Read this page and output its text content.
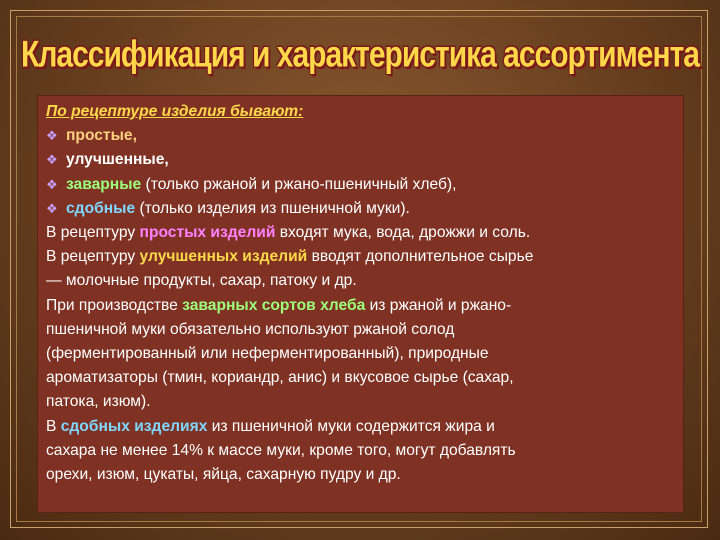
Классификация и характеристика ассортимента
По рецептуре изделия бывают:
❖ простые,
❖ улучшенные,
❖ заварные (только ржаной и ржано-пшеничный хлеб),
❖ сдобные (только изделия из пшеничной муки).
В рецептуру простых изделий входят мука, вода, дрожжи и соль.
В рецептуру улучшенных изделий вводят дополнительное сырье
— молочные продукты, сахар, патоку и др.
При производстве заварных сортов хлеба из ржаной и ржано-
пшеничной муки обязательно используют ржаной солод
(ферментированный или неферментированный), природные
ароматизаторы (тмин, кориандр, анис) и вкусовое сырье (сахар,
патока, изюм).
В сдобных изделиях из пшеничной муки содержится жира и
сахара не менее 14% к массе муки, кроме того, могут добавлять
орехи, изюм, цукаты, яйца, сахарную пудру и др.
